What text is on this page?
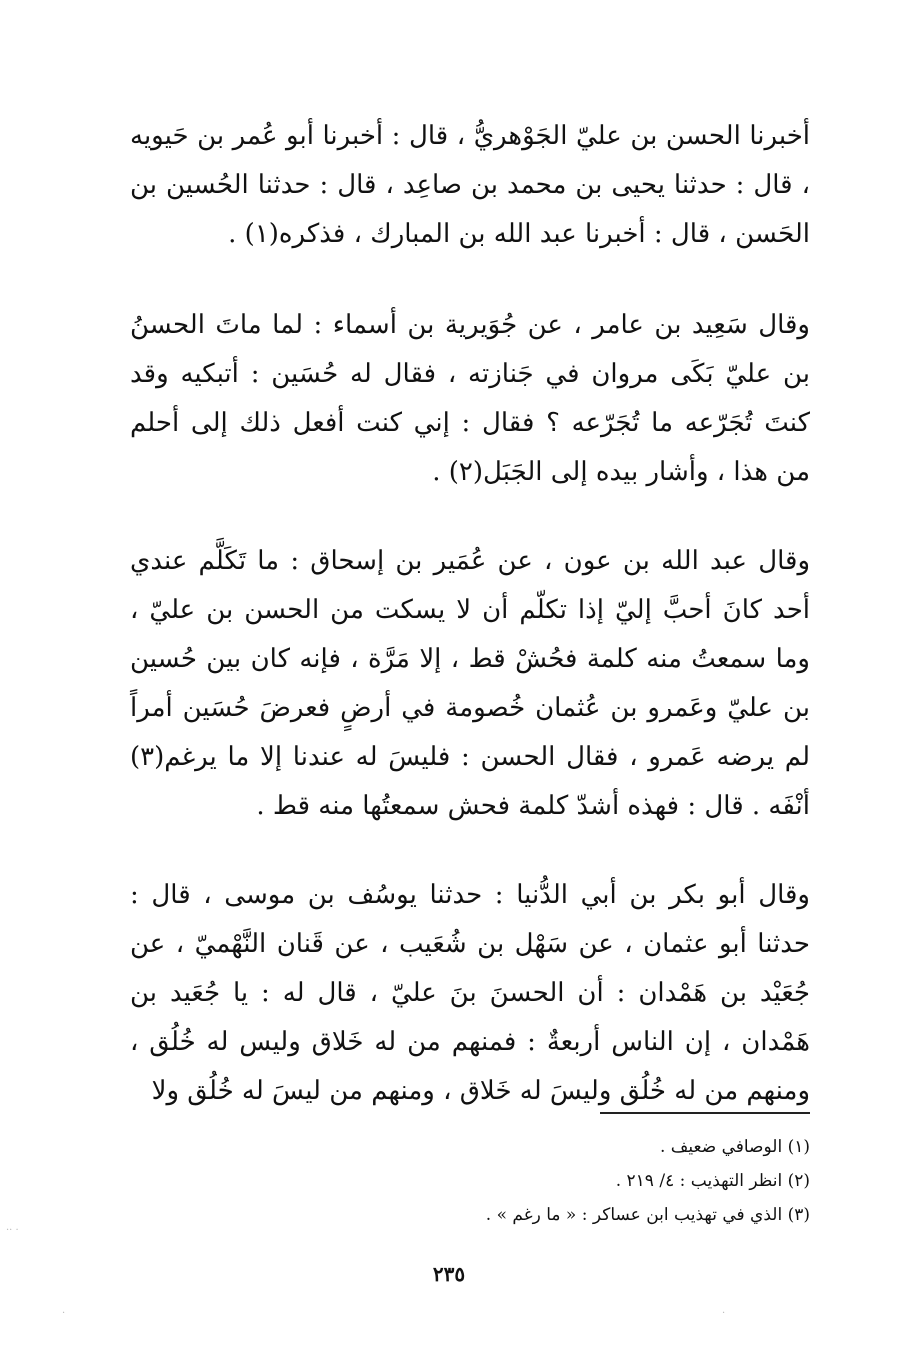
أخبرنا الحسن بن عليّ الجَوْهريُّ ، قال : أخبرنا أبو عُمر بن حَيويه ، قال : حدثنا يحيى بن محمد بن صاعِد ، قال : حدثنا الحُسين بن الحَسن ، قال : أخبرنا عبد الله بن المبارك ، فذكره(١) .

وقال سَعِيد بن عامر ، عن جُوَيرية بن أسماء : لما ماتَ الحسنُ بن عليّ بَكَى مروان في جَنازته ، فقال له حُسَين : أتبكيه وقد كنتَ تُجَرّعه ما تُجَرّعه ؟ فقال : إني كنت أفعل ذلك إلى أحلم من هذا ، وأشار بيده إلى الجَبَل(٢) .

وقال عبد الله بن عون ، عن عُمَير بن إسحاق : ما تَكَلَّم عندي أحد كانَ أحبَّ إليّ إذا تكلّم أن لا يسكت من الحسن بن عليّ ، وما سمعتُ منه كلمة فحُشْ قط ، إلا مَرَّة ، فإنه كان بين حُسين بن عليّ وعَمرو بن عُثمان خُصومة في أرضٍ فعرضَ حُسَين أمراً لم يرضه عَمرو ، فقال الحسن : فليسَ له عندنا إلا ما يرغم(٣) أنْفَه . قال : فهذه أشدّ كلمة فحش سمعتُها منه قط .

وقال أبو بكر بن أبي الدُّنيا : حدثنا يوسُف بن موسى ، قال : حدثنا أبو عثمان ، عن سَهْل بن شُعَيب ، عن قَنان النَّهْميّ ، عن جُعَيْد بن هَمْدان : أن الحسنَ بنَ عليّ ، قال له : يا جُعَيد بن هَمْدان ، إن الناس أربعةٌ : فمنهم من له خَلاق وليس له خُلُق ، ومنهم من له خُلُق وليسَ له خَلاق ، ومنهم من ليسَ له خُلُق ولا

(١) الوصافي ضعيف .

(٢) انظر التهذيب : ٤/ ٢١٩ .

(٣) الذي في تهذيب ابن عساكر : « ما رغم » .

٢٣٥
·· ·
·	·
